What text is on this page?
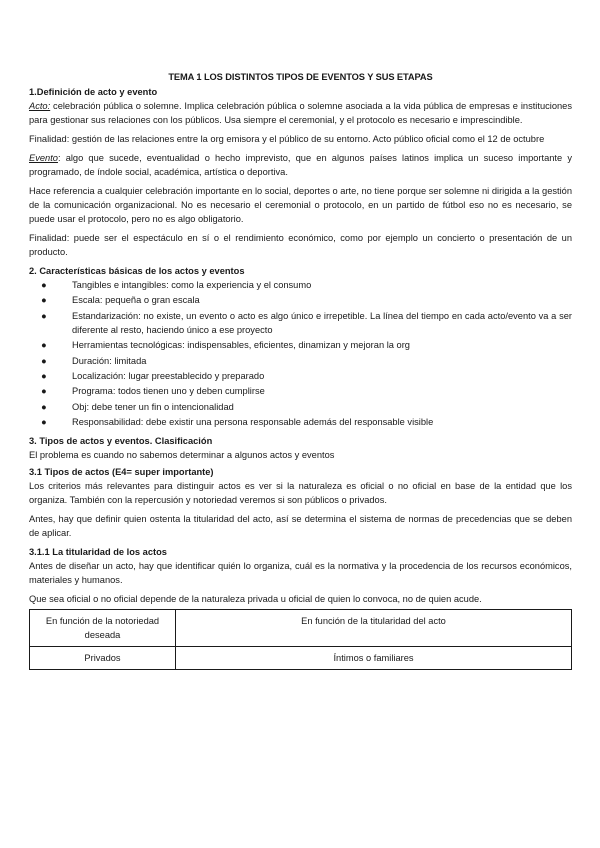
TEMA 1 LOS DISTINTOS TIPOS DE EVENTOS Y SUS ETAPAS
1.Definición de acto y evento

Acto: celebración pública o solemne. Implica celebración pública o solemne asociada a la vida pública de empresas e instituciones para gestionar sus relaciones con los públicos. Usa siempre el ceremonial, y el protocolo es necesario e imprescindible.

Finalidad: gestión de las relaciones entre la org emisora y el público de su entorno. Acto público oficial como el 12 de octubre

Evento: algo que sucede, eventualidad o hecho imprevisto, que en algunos países latinos implica un suceso importante y programado, de índole social, académica, artística o deportiva.

Hace referencia a cualquier celebración importante en lo social, deportes o arte, no tiene porque ser solemne ni dirigida a la gestión de la comunicación organizacional. No es necesario el ceremonial o protocolo, en un partido de fútbol eso no es necesario, se puede usar el protocolo, pero no es algo obligatorio.

Finalidad: puede ser el espectáculo en sí o el rendimiento económico, como por ejemplo un concierto o presentación de un producto.

2. Características básicas de los actos y eventos
●	Tangibles e intangibles: como la experiencia y el consumo
●	Escala: pequeña o gran escala
●	Estandarización: no existe, un evento o acto es algo único e irrepetible. La línea del tiempo en cada acto/evento va a ser diferente al resto, haciendo único a ese proyecto
●	Herramientas tecnológicas: indispensables, eficientes, dinamizan y mejoran la org
●	Duración: limitada
●	Localización: lugar preestablecido y preparado
●	Programa: todos tienen uno y deben cumplirse
●	Obj: debe tener un fin o intencionalidad
●	Responsabilidad: debe existir una persona responsable además del responsable visible
3. Tipos de actos y eventos. Clasificación

El problema es cuando no sabemos determinar a algunos actos y eventos

3.1 Tipos de actos (E4= super importante)

Los criterios más relevantes para distinguir actos es ver si la naturaleza es oficial o no oficial en base de la entidad que los organiza. También con la repercusión y notoriedad veremos si son públicos o privados.

Antes, hay que definir quien ostenta la titularidad del acto, así se determina el sistema de normas de precedencias que se deben de aplicar.

3.1.1 La titularidad de los actos

Antes de diseñar un acto, hay que identificar quién lo organiza, cuál es la normativa y la procedencia de los recursos económicos, materiales y humanos.

Que sea oficial o no oficial depende de la naturaleza privada u oficial de quien lo convoca, no de quien acude.

En función de la notoriedad deseada	En función de la titularidad del acto
Privados	Íntimos o familiares
